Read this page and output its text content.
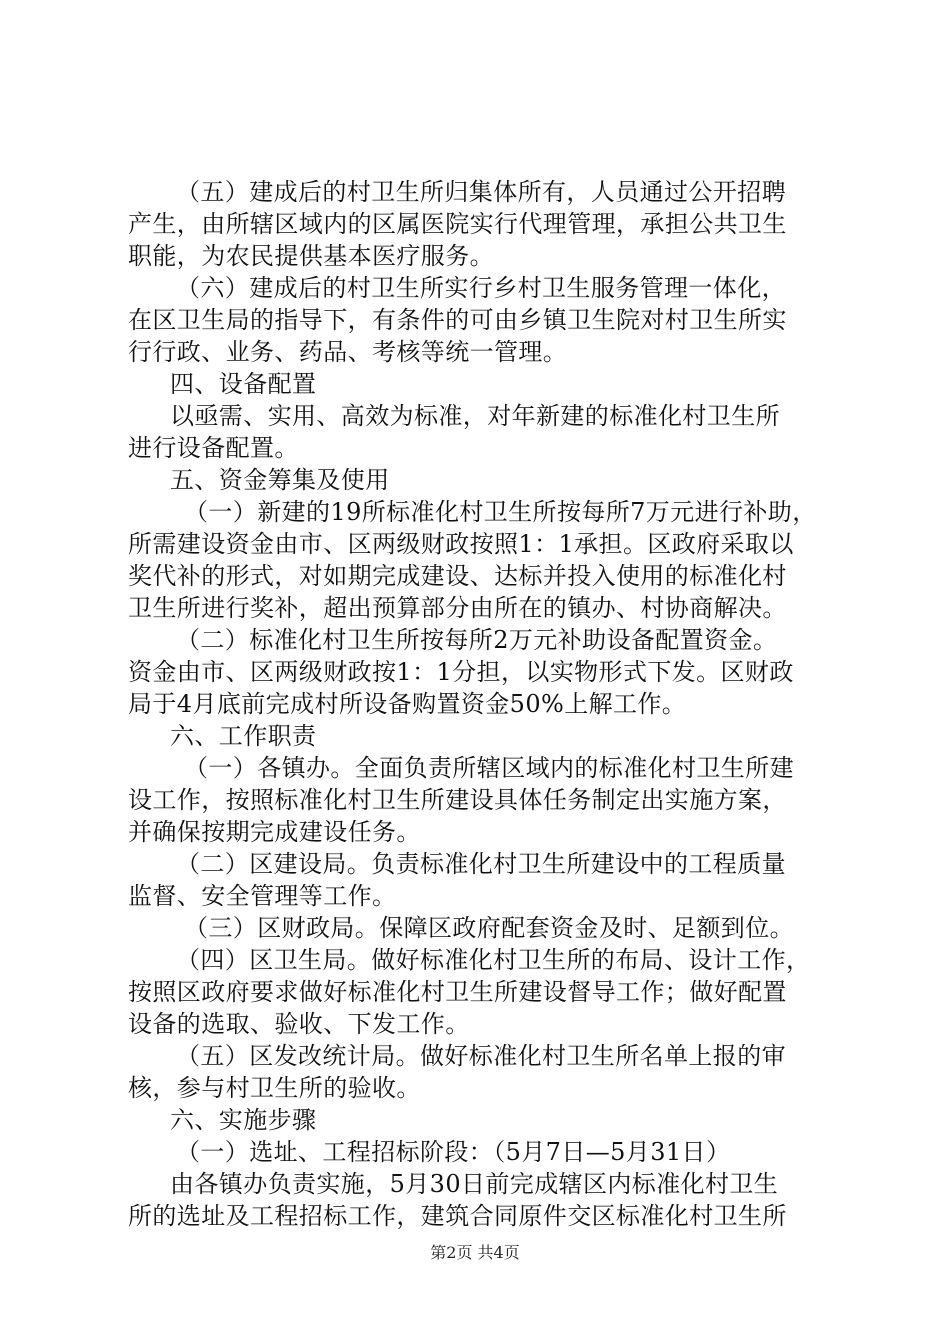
（五）建成后的村卫生所归集体所有，人员通过公开招聘
产生，由所辖区域内的区属医院实行代理管理，承担公共卫生
职能，为农民提供基本医疗服务。
（六）建成后的村卫生所实行乡村卫生服务管理一体化，
在区卫生局的指导下，有条件的可由乡镇卫生院对村卫生所实
行行政、业务、药品、考核等统一管理。
四、设备配置
以亟需、实用、高效为标准，对年新建的标准化村卫生所
进行设备配置。
五、资金筹集及使用
（一）新建的19所标准化村卫生所按每所7万元进行补助，
所需建设资金由市、区两级财政按照1：1承担。区政府采取以
奖代补的形式，对如期完成建设、达标并投入使用的标准化村
卫生所进行奖补，超出预算部分由所在的镇办、村协商解决。
（二）标准化村卫生所按每所2万元补助设备配置资金。
资金由市、区两级财政按1：1分担，以实物形式下发。区财政
局于4月底前完成村所设备购置资金50%上解工作。
六、工作职责
（一）各镇办。全面负责所辖区域内的标准化村卫生所建
设工作，按照标准化村卫生所建设具体任务制定出实施方案，
并确保按期完成建设任务。
（二）区建设局。负责标准化村卫生所建设中的工程质量
监督、安全管理等工作。
（三）区财政局。保障区政府配套资金及时、足额到位。
（四）区卫生局。做好标准化村卫生所的布局、设计工作，
按照区政府要求做好标准化村卫生所建设督导工作；做好配置
设备的选取、验收、下发工作。
（五）区发改统计局。做好标准化村卫生所名单上报的审
核，参与村卫生所的验收。
六、实施步骤
（一）选址、工程招标阶段：（5月7日—5月31日）
由各镇办负责实施，5月30日前完成辖区内标准化村卫生
所的选址及工程招标工作，建筑合同原件交区标准化村卫生所
第2页 共4页
